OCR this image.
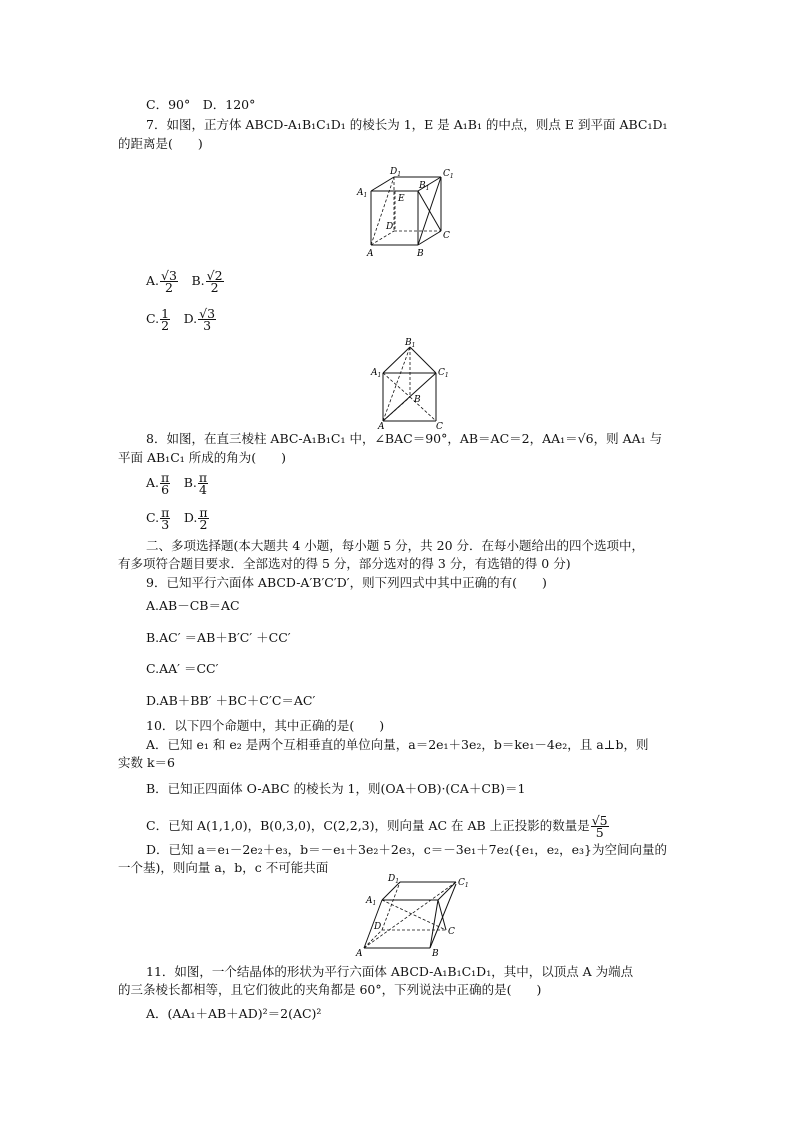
C．90°　D．120°
7．如图，正方体 ABCD-A₁B₁C₁D₁ 的棱长为 1，E 是 A₁B₁ 的中点，则点 E 到平面 ABC₁D₁
的距离是(　　)
$A_1$
$D_1$	$C_1$
$B_1$
E
D
C
A	B
A. $\frac{√3}{2}$
　 B. $\frac{√2}{2}$
C. $\frac{1}{2}$
　 D. $\frac{√3}{3}$
$B_1$
$A_1$	$C_1$
B
A	C
8．如图，在直三棱柱 ABC-A₁B₁C₁ 中，∠BAC＝90°，AB＝AC＝2，AA₁＝√6，则 AA₁ 与
平面 AB₁C₁ 所成的角为(　　)
A. $\frac{\pi}{6}$
　 B. $\frac{\pi}{4}$
C. $\frac{\pi}{3}$
　 D. $\frac{\pi}{2}$
二、多项选择题(本大题共 4 小题，每小题 5 分，共 20 分．在每小题给出的四个选项中，
有多项符合题目要求．全部选对的得 5 分，部分选对的得 3 分，有选错的得 0 分)
9．已知平行六面体 ABCD-A′B′C′D′，则下列四式中其中正确的有(　　)
A.AB－CB＝AC
B.AC′ ＝AB＋B′C′ ＋CC′
C.AA′ ＝CC′
D.AB＋BB′ ＋BC＋C′C＝AC′
10．以下四个命题中，其中正确的是(　　)
A．已知 e₁ 和 e₂ 是两个互相垂直的单位向量，a＝2e₁＋3e₂，b＝ke₁－4e₂，且 a⊥b，则
实数 k＝6
B．已知正四面体 O-ABC 的棱长为 1，则(OA＋OB)·(CA＋CB)＝1
C．已知 A(1,1,0)，B(0,3,0)，C(2,2,3)，则向量 AC 在 AB 上正投影的数量是 $\frac{√5}{5}$
D．已知 a＝e₁－2e₂＋e₃，b＝－e₁＋3e₂＋2e₃，c＝－3e₁＋7e₂({e₁，e₂，e₃}为空间向量的
一个基)，则向量 a，b，c 不可能共面
$D_1$	$C_1$
$A_1$
D	C
A	B
11．如图，一个结晶体的形状为平行六面体 ABCD-A₁B₁C₁D₁，其中，以顶点 A 为端点
的三条棱长都相等，且它们彼此的夹角都是 60°，下列说法中正确的是(　　)
A．(AA₁＋AB＋AD)²＝2(AC)²
